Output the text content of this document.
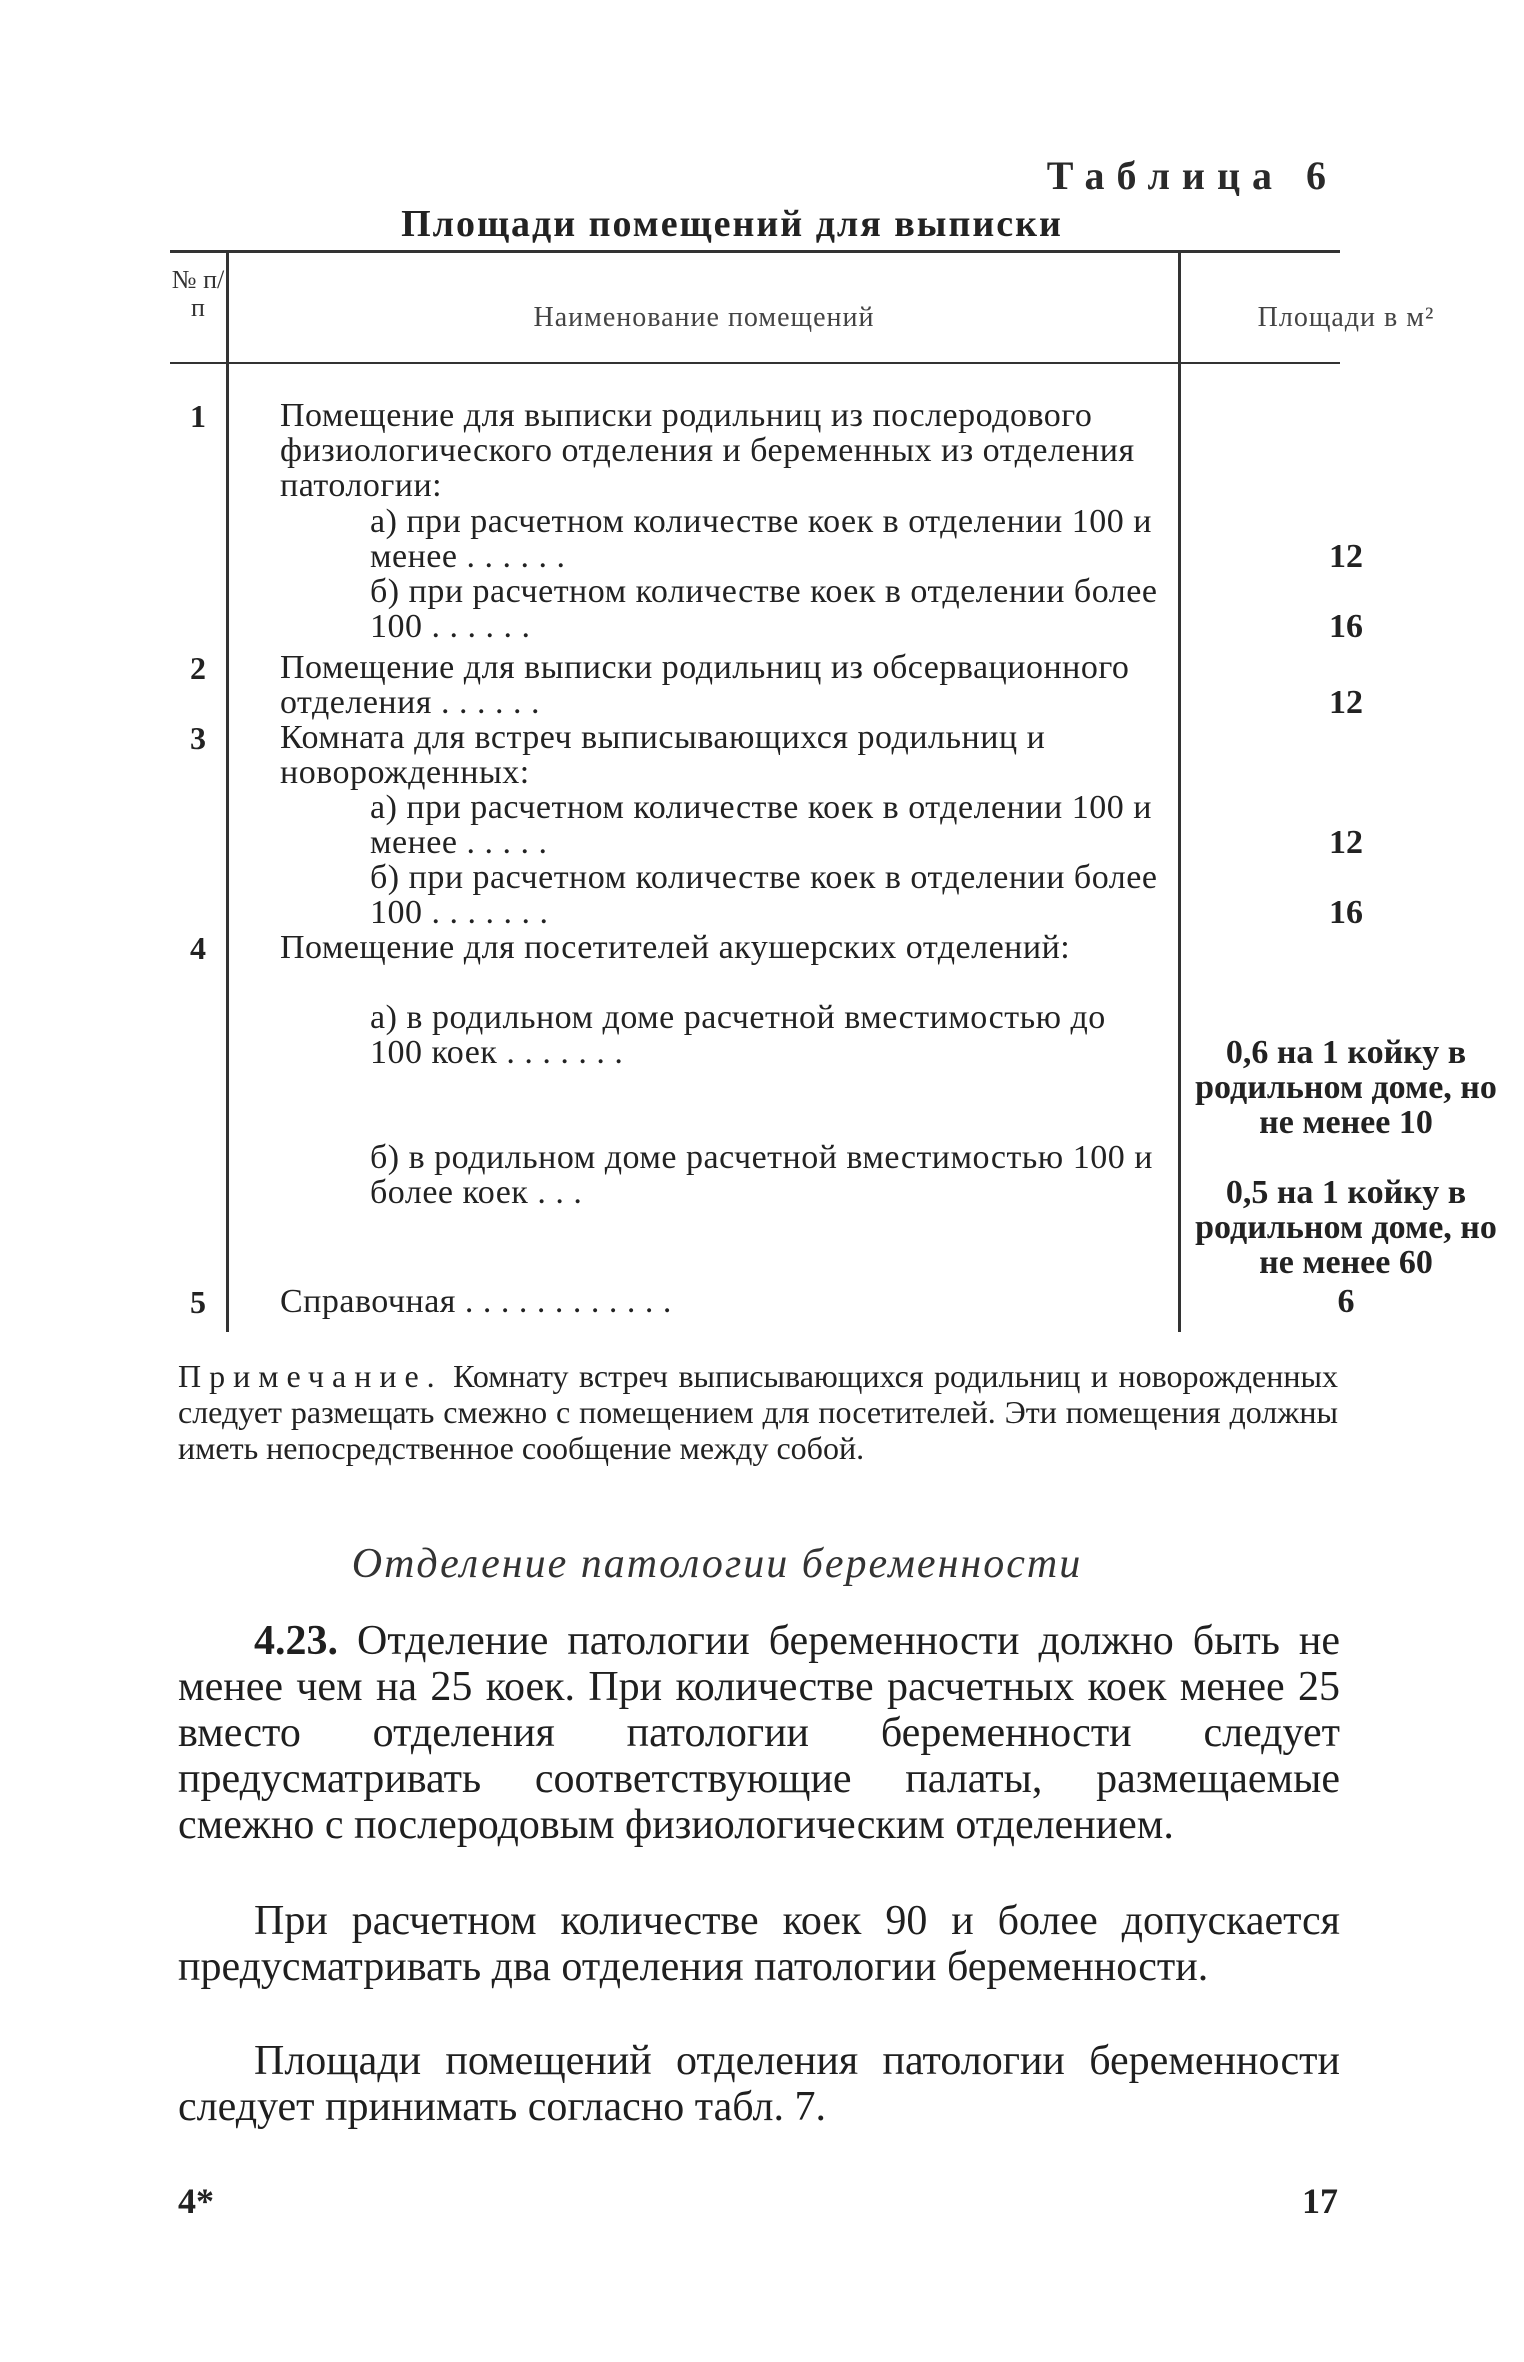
Таблица 6
Площади помещений для выписки
№ п/п	Наименование помещений	Площади в м²
1	Помещение для выписки родильниц из послеродового физиологического отделения и беременных из отделения патологии:
а) при расчетном количестве коек в отделении 100 и менее . . . . . .	12
б) при расчетном количестве коек в отделении более 100 . . . . . .	16
2	Помещение для выписки родильниц из обсервационного отделения . . . . . .	12
3	Комната для встреч выписывающихся родильниц и новорожденных:
а) при расчетном количестве коек в отделении 100 и менее . . . . .	12
б) при расчетном количестве коек в отделении более 100 . . . . . . .	16
4	Помещение для посетителей акушерских отделений:
а) в родильном доме расчетной вместимостью до 100 коек . . . . . . .	0,6 на 1 койку в родильном доме, но не менее 10
б) в родильном доме расчетной вместимостью 100 и более коек . . .	0,5 на 1 койку в родильном доме, но не менее 60
5	Справочная . . . . . . . . . . . .	6
Примечание. Комнату встреч выписывающихся родильниц и новорожденных следует размещать смежно с помещением для посетителей. Эти помещения должны иметь непосредственное сообщение между собой.
Отделение патологии беременности
4.23. Отделение патологии беременности должно быть не менее чем на 25 коек. При количестве расчетных коек менее 25 вместо отделения патологии беременности следует предусматривать соответствующие палаты, размещаемые смежно с послеродовым физиологическим отделением.
При расчетном количестве коек 90 и более допускается предусматривать два отделения патологии беременности.
Площади помещений отделения патологии беременности следует принимать согласно табл. 7.
4*	17
